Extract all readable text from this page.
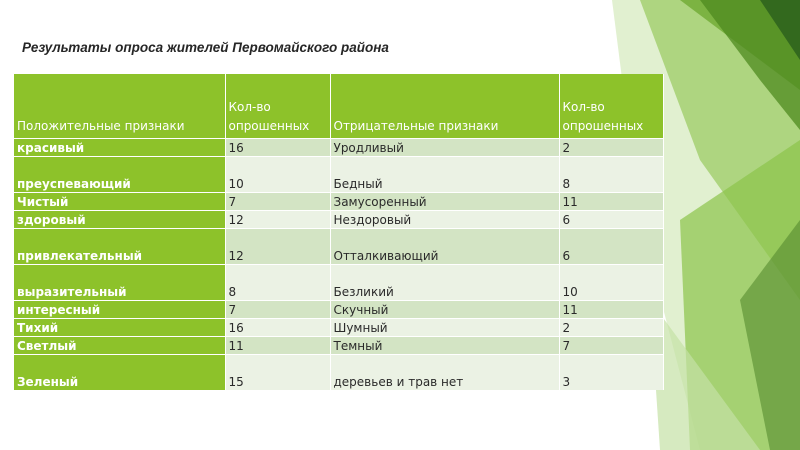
Результаты опроса жителей Первомайского района
Положительные признаки	Кол-во опрошенных	Отрицательные признаки	Кол-во опрошенных
красивый	16	Уродливый	2
преуспевающий	10	Бедный	8
Чистый	7	Замусоренный	11
здоровый	12	Нездоровый	6
привлекательный	12	Отталкивающий	6
выразительный	8	Безликий	10
интересный	7	Скучный	11
Тихий	16	Шумный	2
Светлый	11	Темный	7
Зеленый	15	деревьев и трав нет	3
